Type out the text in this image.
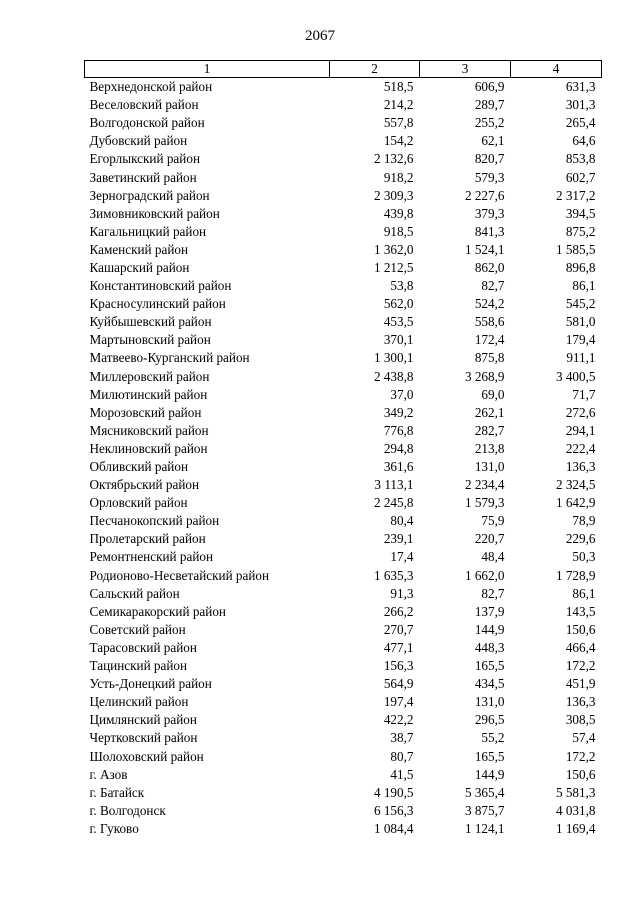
2067
1	2	3	4
Верхнедонской район	518,5	606,9	631,3
Веселовский район	214,2	289,7	301,3
Волгодонской район	557,8	255,2	265,4
Дубовский район	154,2	62,1	64,6
Егорлыкский район	2 132,6	820,7	853,8
Заветинский район	918,2	579,3	602,7
Зерноградский район	2 309,3	2 227,6	2 317,2
Зимовниковский район	439,8	379,3	394,5
Кагальницкий район	918,5	841,3	875,2
Каменский район	1 362,0	1 524,1	1 585,5
Кашарский район	1 212,5	862,0	896,8
Константиновский район	53,8	82,7	86,1
Красносулинский район	562,0	524,2	545,2
Куйбышевский район	453,5	558,6	581,0
Мартыновский район	370,1	172,4	179,4
Матвеево-Курганский район	1 300,1	875,8	911,1
Миллеровский район	2 438,8	3 268,9	3 400,5
Милютинский район	37,0	69,0	71,7
Морозовский район	349,2	262,1	272,6
Мясниковский район	776,8	282,7	294,1
Неклиновский район	294,8	213,8	222,4
Обливский район	361,6	131,0	136,3
Октябрьский район	3 113,1	2 234,4	2 324,5
Орловский район	2 245,8	1 579,3	1 642,9
Песчанокопский район	80,4	75,9	78,9
Пролетарский район	239,1	220,7	229,6
Ремонтненский район	17,4	48,4	50,3
Родионово-Несветайский район	1 635,3	1 662,0	1 728,9
Сальский район	91,3	82,7	86,1
Семикаракорский район	266,2	137,9	143,5
Советский район	270,7	144,9	150,6
Тарасовский район	477,1	448,3	466,4
Тацинский район	156,3	165,5	172,2
Усть-Донецкий район	564,9	434,5	451,9
Целинский район	197,4	131,0	136,3
Цимлянский район	422,2	296,5	308,5
Чертковский район	38,7	55,2	57,4
Шолоховский район	80,7	165,5	172,2
г. Азов	41,5	144,9	150,6
г. Батайск	4 190,5	5 365,4	5 581,3
г. Волгодонск	6 156,3	3 875,7	4 031,8
г. Гуково	1 084,4	1 124,1	1 169,4
